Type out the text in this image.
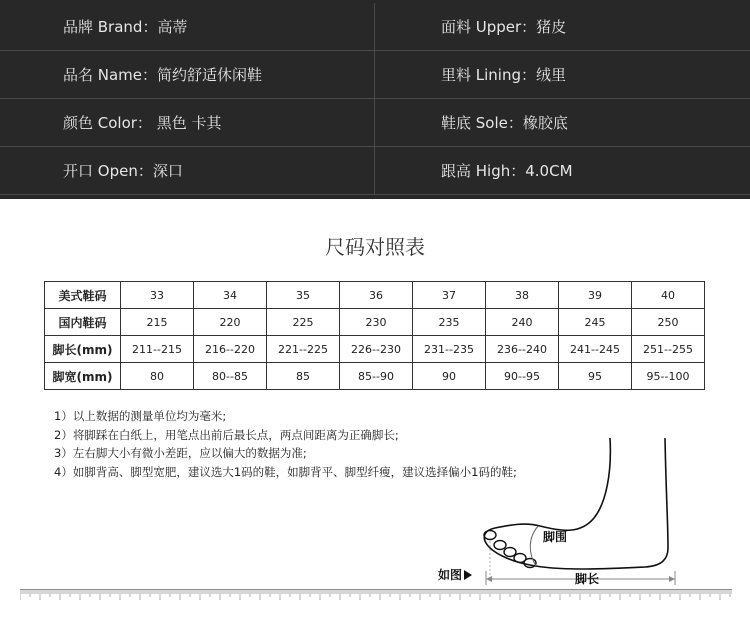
品牌 Brand：高蒂	面料 Upper：猪皮
品名 Name：简约舒适休闲鞋	里料 Lining：绒里
颜色 Color： 黑色 卡其	鞋底 Sole：橡胶底
开口 Open：深口	跟高 High：4.0CM
尺码对照表
美式鞋码	33	34	35	36	37	38	39	40
国内鞋码	215	220	225	230	235	240	245	250
脚长(mm)	211--215	216--220	221--225	226--230	231--235	236--240	241--245	251--255
脚宽(mm)	80	80--85	85	85--90	90	90--95	95	95--100
1）以上数据的测量单位均为毫米;
2）将脚踩在白纸上，用笔点出前后最长点，两点间距离为正确脚长;
3）左右脚大小有微小差距，应以偏大的数据为准;
4）如脚背高、脚型宽肥，建议选大1码的鞋，如脚背平、脚型纤瘦，建议选择偏小1码的鞋;
脚围
脚长
如图
